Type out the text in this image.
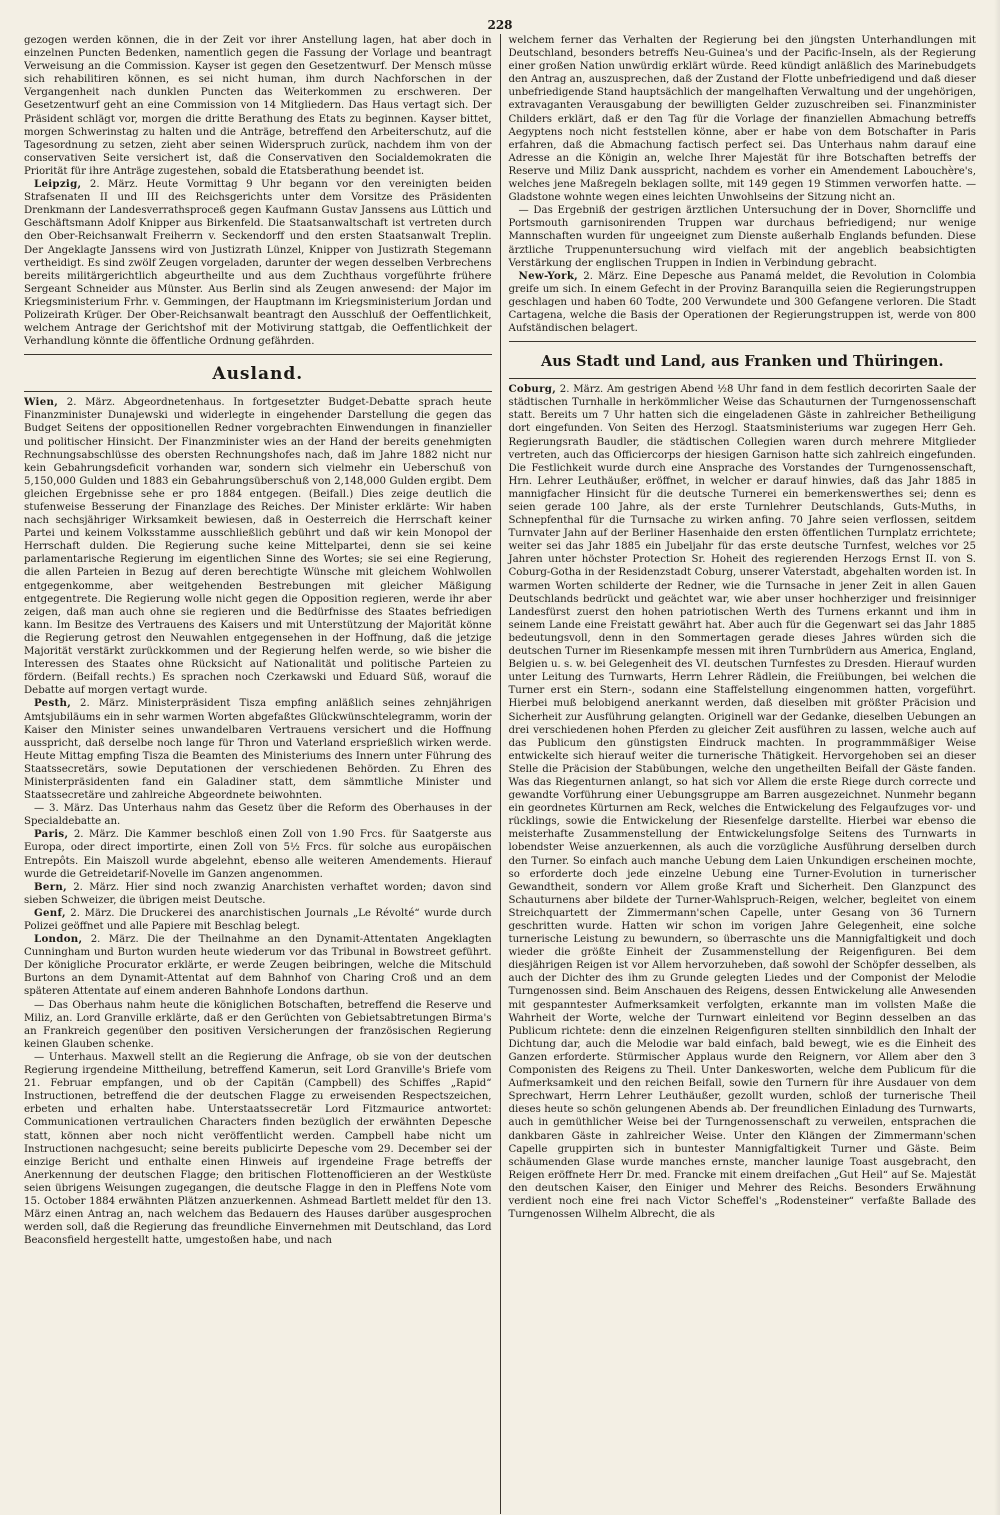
228

gezogen werden können, die in der Zeit vor ihrer Anstellung lagen, hat aber doch in einzelnen Puncten Bedenken, namentlich gegen die Fassung der Vorlage und beantragt Verweisung an die Commission. Kayser ist gegen den Gesetzentwurf. Der Mensch müsse sich rehabilitiren können, es sei nicht human, ihm durch Nachforschen in der Vergangenheit nach dunklen Puncten das Weiterkommen zu erschweren. Der Gesetzentwurf geht an eine Commission von 14 Mitgliedern. Das Haus vertagt sich. Der Präsident schlägt vor, morgen die dritte Berathung des Etats zu beginnen. Kayser bittet, morgen Schwerinstag zu halten und die Anträge, betreffend den Arbeiterschutz, auf die Tagesordnung zu setzen, zieht aber seinen Widerspruch zurück, nachdem ihm von der conservativen Seite versichert ist, daß die Conservativen den Socialdemokraten die Priorität für ihre Anträge zugestehen, sobald die Etatsberathung beendet ist.

Leipzig, 2. März. Heute Vormittag 9 Uhr begann vor den vereinigten beiden Strafsenaten II und III des Reichsgerichts unter dem Vorsitze des Präsidenten Drenkmann der Landesverrathsproceß gegen Kaufmann Gustav Janssens aus Lüttich und Geschäftsmann Adolf Knipper aus Birkenfeld. Die Staatsanwaltschaft ist vertreten durch den Ober-Reichsanwalt Freiherrn v. Seckendorff und den ersten Staatsanwalt Treplin. Der Angeklagte Janssens wird von Justizrath Lünzel, Knipper von Justizrath Stegemann vertheidigt. Es sind zwölf Zeugen vorgeladen, darunter der wegen desselben Verbrechens bereits militärgerichtlich abgeurtheilte und aus dem Zuchthaus vorgeführte frühere Sergeant Schneider aus Münster. Aus Berlin sind als Zeugen anwesend: der Major im Kriegsministerium Frhr. v. Gemmingen, der Hauptmann im Kriegsministerium Jordan und Polizeirath Krüger. Der Ober-Reichsanwalt beantragt den Ausschluß der Oeffentlichkeit, welchem Antrage der Gerichtshof mit der Motivirung stattgab, die Oeffentlichkeit der Verhandlung könnte die öffentliche Ordnung gefährden.

Ausland.

Wien, 2. März. Abgeordnetenhaus. In fortgesetzter Budget-Debatte sprach heute Finanzminister Dunajewski und widerlegte in eingehender Darstellung die gegen das Budget Seitens der oppositionellen Redner vorgebrachten Einwendungen in finanzieller und politischer Hinsicht. Der Finanzminister wies an der Hand der bereits genehmigten Rechnungsabschlüsse des obersten Rechnungshofes nach, daß im Jahre 1882 nicht nur kein Gebahrungsdeficit vorhanden war, sondern sich vielmehr ein Ueberschuß von 5,150,000 Gulden und 1883 ein Gebahrungsüberschuß von 2,148,000 Gulden ergibt. Dem gleichen Ergebnisse sehe er pro 1884 entgegen. (Beifall.) Dies zeige deutlich die stufenweise Besserung der Finanzlage des Reiches. Der Minister erklärte: Wir haben nach sechsjähriger Wirksamkeit bewiesen, daß in Oesterreich die Herrschaft keiner Partei und keinem Volksstamme ausschließlich gebührt und daß wir kein Monopol der Herrschaft dulden. Die Regierung suche keine Mittelpartei, denn sie sei keine parlamentarische Regierung im eigentlichen Sinne des Wortes; sie sei eine Regierung, die allen Parteien in Bezug auf deren berechtigte Wünsche mit gleichem Wohlwollen entgegenkomme, aber weitgehenden Bestrebungen mit gleicher Mäßigung entgegentrete. Die Regierung wolle nicht gegen die Opposition regieren, werde ihr aber zeigen, daß man auch ohne sie regieren und die Bedürfnisse des Staates befriedigen kann. Im Besitze des Vertrauens des Kaisers und mit Unterstützung der Majorität könne die Regierung getrost den Neuwahlen entgegensehen in der Hoffnung, daß die jetzige Majorität verstärkt zurückkommen und der Regierung helfen werde, so wie bisher die Interessen des Staates ohne Rücksicht auf Nationalität und politische Parteien zu fördern. (Beifall rechts.) Es sprachen noch Czerkawski und Eduard Süß, worauf die Debatte auf morgen vertagt wurde.

Pesth, 2. März. Ministerpräsident Tisza empfing anläßlich seines zehnjährigen Amtsjubiläums ein in sehr warmen Worten abgefaßtes Glückwünschtelegramm, worin der Kaiser den Minister seines unwandelbaren Vertrauens versichert und die Hoffnung ausspricht, daß derselbe noch lange für Thron und Vaterland ersprießlich wirken werde. Heute Mittag empfing Tisza die Beamten des Ministeriums des Innern unter Führung des Staatssecretärs, sowie Deputationen der verschiedenen Behörden. Zu Ehren des Ministerpräsidenten fand ein Galadiner statt, dem sämmtliche Minister und Staatssecretäre und zahlreiche Abgeordnete beiwohnten.

— 3. März. Das Unterhaus nahm das Gesetz über die Reform des Oberhauses in der Specialdebatte an.

Paris, 2. März. Die Kammer beschloß einen Zoll von 1.90 Frcs. für Saatgerste aus Europa, oder direct importirte, einen Zoll von 5½ Frcs. für solche aus europäischen Entrepôts. Ein Maiszoll wurde abgelehnt, ebenso alle weiteren Amendements. Hierauf wurde die Getreidetarif-Novelle im Ganzen angenommen.

Bern, 2. März. Hier sind noch zwanzig Anarchisten verhaftet worden; davon sind sieben Schweizer, die übrigen meist Deutsche.

Genf, 2. März. Die Druckerei des anarchistischen Journals „Le Révolté“ wurde durch Polizei geöffnet und alle Papiere mit Beschlag belegt.

London, 2. März. Die der Theilnahme an den Dynamit-Attentaten Angeklagten Cunningham und Burton wurden heute wiederum vor das Tribunal in Bowstreet geführt. Der königliche Procurator erklärte, er werde Zeugen beibringen, welche die Mitschuld Burtons an dem Dynamit-Attentat auf dem Bahnhof von Charing Croß und an dem späteren Attentate auf einem anderen Bahnhofe Londons darthun.

— Das Oberhaus nahm heute die königlichen Botschaften, betreffend die Reserve und Miliz, an. Lord Granville erklärte, daß er den Gerüchten von Gebietsabtretungen Birma's an Frankreich gegenüber den positiven Versicherungen der französischen Regierung keinen Glauben schenke.

— Unterhaus. Maxwell stellt an die Regierung die Anfrage, ob sie von der deutschen Regierung irgendeine Mittheilung, betreffend Kamerun, seit Lord Granville's Briefe vom 21. Februar empfangen, und ob der Capitän (Campbell) des Schiffes „Rapid“ Instructionen, betreffend die der deutschen Flagge zu erweisenden Respectszeichen, erbeten und erhalten habe. Unterstaatssecretär Lord Fitzmaurice antwortet: Communicationen vertraulichen Characters finden bezüglich der erwähnten Depesche statt, können aber noch nicht veröffentlicht werden. Campbell habe nicht um Instructionen nachgesucht; seine bereits publicirte Depesche vom 29. December sei der einzige Bericht und enthalte einen Hinweis auf irgendeine Frage betreffs der Anerkennung der deutschen Flagge; den britischen Flottenofficieren an der Westküste seien übrigens Weisungen zugegangen, die deutsche Flagge in den in Pleffens Note vom 15. October 1884 erwähnten Plätzen anzuerkennen. Ashmead Bartlett meldet für den 13. März einen Antrag an, nach welchem das Bedauern des Hauses darüber ausgesprochen werden soll, daß die Regierung das freundliche Einvernehmen mit Deutschland, das Lord Beaconsfield hergestellt hatte, umgestoßen habe, und nach

welchem ferner das Verhalten der Regierung bei den jüngsten Unterhandlungen mit Deutschland, besonders betreffs Neu-Guinea's und der Pacific-Inseln, als der Regierung einer großen Nation unwürdig erklärt würde. Reed kündigt anläßlich des Marinebudgets den Antrag an, auszusprechen, daß der Zustand der Flotte unbefriedigend und daß dieser unbefriedigende Stand hauptsächlich der mangelhaften Verwaltung und der ungehörigen, extravaganten Verausgabung der bewilligten Gelder zuzuschreiben sei. Finanzminister Childers erklärt, daß er den Tag für die Vorlage der finanziellen Abmachung betreffs Aegyptens noch nicht feststellen könne, aber er habe von dem Botschafter in Paris erfahren, daß die Abmachung factisch perfect sei. Das Unterhaus nahm darauf eine Adresse an die Königin an, welche Ihrer Majestät für ihre Botschaften betreffs der Reserve und Miliz Dank ausspricht, nachdem es vorher ein Amendement Labouchère's, welches jene Maßregeln beklagen sollte, mit 149 gegen 19 Stimmen verworfen hatte. — Gladstone wohnte wegen eines leichten Unwohlseins der Sitzung nicht an.

— Das Ergebniß der gestrigen ärztlichen Untersuchung der in Dover, Shorncliffe und Portsmouth garnisonirenden Truppen war durchaus befriedigend; nur wenige Mannschaften wurden für ungeeignet zum Dienste außerhalb Englands befunden. Diese ärztliche Truppenuntersuchung wird vielfach mit der angeblich beabsichtigten Verstärkung der englischen Truppen in Indien in Verbindung gebracht.

New-York, 2. März. Eine Depesche aus Panamá meldet, die Revolution in Colombia greife um sich. In einem Gefecht in der Provinz Baranquilla seien die Regierungstruppen geschlagen und haben 60 Todte, 200 Verwundete und 300 Gefangene verloren. Die Stadt Cartagena, welche die Basis der Operationen der Regierungstruppen ist, werde von 800 Aufständischen belagert.

Aus Stadt und Land, aus Franken und Thüringen.

Coburg, 2. März. Am gestrigen Abend ½8 Uhr fand in dem festlich decorirten Saale der städtischen Turnhalle in herkömmlicher Weise das Schauturnen der Turngenossenschaft statt. Bereits um 7 Uhr hatten sich die eingeladenen Gäste in zahlreicher Betheiligung dort eingefunden. Von Seiten des Herzogl. Staatsministeriums war zugegen Herr Geh. Regierungsrath Baudler, die städtischen Collegien waren durch mehrere Mitglieder vertreten, auch das Officiercorps der hiesigen Garnison hatte sich zahlreich eingefunden. Die Festlichkeit wurde durch eine Ansprache des Vorstandes der Turngenossenschaft, Hrn. Lehrer Leuthäußer, eröffnet, in welcher er darauf hinwies, daß das Jahr 1885 in mannigfacher Hinsicht für die deutsche Turnerei ein bemerkenswerthes sei; denn es seien gerade 100 Jahre, als der erste Turnlehrer Deutschlands, Guts-Muths, in Schnepfenthal für die Turnsache zu wirken anfing. 70 Jahre seien verflossen, seitdem Turnvater Jahn auf der Berliner Hasenhaide den ersten öffentlichen Turnplatz errichtete; weiter sei das Jahr 1885 ein Jubeljahr für das erste deutsche Turnfest, welches vor 25 Jahren unter höchster Protection Sr. Hoheit des regierenden Herzogs Ernst II. von S. Coburg-Gotha in der Residenzstadt Coburg, unserer Vaterstadt, abgehalten worden ist. In warmen Worten schilderte der Redner, wie die Turnsache in jener Zeit in allen Gauen Deutschlands bedrückt und geächtet war, wie aber unser hochherziger und freisinniger Landesfürst zuerst den hohen patriotischen Werth des Turnens erkannt und ihm in seinem Lande eine Freistatt gewährt hat. Aber auch für die Gegenwart sei das Jahr 1885 bedeutungsvoll, denn in den Sommertagen gerade dieses Jahres würden sich die deutschen Turner im Riesenkampfe messen mit ihren Turnbrüdern aus America, England, Belgien u. s. w. bei Gelegenheit des VI. deutschen Turnfestes zu Dresden. Hierauf wurden unter Leitung des Turnwarts, Herrn Lehrer Rädlein, die Freiübungen, bei welchen die Turner erst ein Stern-, sodann eine Staffelstellung eingenommen hatten, vorgeführt. Hierbei muß belobigend anerkannt werden, daß dieselben mit größter Präcision und Sicherheit zur Ausführung gelangten. Originell war der Gedanke, dieselben Uebungen an drei verschiedenen hohen Pferden zu gleicher Zeit ausführen zu lassen, welche auch auf das Publicum den günstigsten Eindruck machten. In programmmäßiger Weise entwickelte sich hierauf weiter die turnerische Thätigkeit. Hervorgehoben sei an dieser Stelle die Präcision der Stabübungen, welche den ungetheilten Beifall der Gäste fanden. Was das Riegenturnen anlangt, so hat sich vor Allem die erste Riege durch correcte und gewandte Vorführung einer Uebungsgruppe am Barren ausgezeichnet. Nunmehr begann ein geordnetes Kürturnen am Reck, welches die Entwickelung des Felgaufzuges vor- und rücklings, sowie die Entwickelung der Riesenfelge darstellte. Hierbei war ebenso die meisterhafte Zusammenstellung der Entwickelungsfolge Seitens des Turnwarts in lobendster Weise anzuerkennen, als auch die vorzügliche Ausführung derselben durch den Turner. So einfach auch manche Uebung dem Laien Unkundigen erscheinen mochte, so erforderte doch jede einzelne Uebung eine Turner-Evolution in turnerischer Gewandtheit, sondern vor Allem große Kraft und Sicherheit. Den Glanzpunct des Schauturnens aber bildete der Turner-Wahlspruch-Reigen, welcher, begleitet von einem Streichquartett der Zimmermann'schen Capelle, unter Gesang von 36 Turnern geschritten wurde. Hatten wir schon im vorigen Jahre Gelegenheit, eine solche turnerische Leistung zu bewundern, so überraschte uns die Mannigfaltigkeit und doch wieder die größte Einheit der Zusammenstellung der Reigenfiguren. Bei dem diesjährigen Reigen ist vor Allem hervorzuheben, daß sowohl der Schöpfer desselben, als auch der Dichter des ihm zu Grunde gelegten Liedes und der Componist der Melodie Turngenossen sind. Beim Anschauen des Reigens, dessen Entwickelung alle Anwesenden mit gespanntester Aufmerksamkeit verfolgten, erkannte man im vollsten Maße die Wahrheit der Worte, welche der Turnwart einleitend vor Beginn desselben an das Publicum richtete: denn die einzelnen Reigenfiguren stellten sinnbildlich den Inhalt der Dichtung dar, auch die Melodie war bald einfach, bald bewegt, wie es die Einheit des Ganzen erforderte. Stürmischer Applaus wurde den Reignern, vor Allem aber den 3 Componisten des Reigens zu Theil. Unter Dankesworten, welche dem Publicum für die Aufmerksamkeit und den reichen Beifall, sowie den Turnern für ihre Ausdauer von dem Sprechwart, Herrn Lehrer Leuthäußer, gezollt wurden, schloß der turnerische Theil dieses heute so schön gelungenen Abends ab. Der freundlichen Einladung des Turnwarts, auch in gemüthlicher Weise bei der Turngenossenschaft zu verweilen, entsprachen die dankbaren Gäste in zahlreicher Weise. Unter den Klängen der Zimmermann'schen Capelle gruppirten sich in buntester Mannigfaltigkeit Turner und Gäste. Beim schäumenden Glase wurde manches ernste, mancher launige Toast ausgebracht, den Reigen eröffnete Herr Dr. med. Francke mit einem dreifachen „Gut Heil“ auf Se. Majestät den deutschen Kaiser, den Einiger und Mehrer des Reichs. Besonders Erwähnung verdient noch eine frei nach Victor Scheffel's „Rodensteiner“ verfaßte Ballade des Turngenossen Wilhelm Albrecht, die als
